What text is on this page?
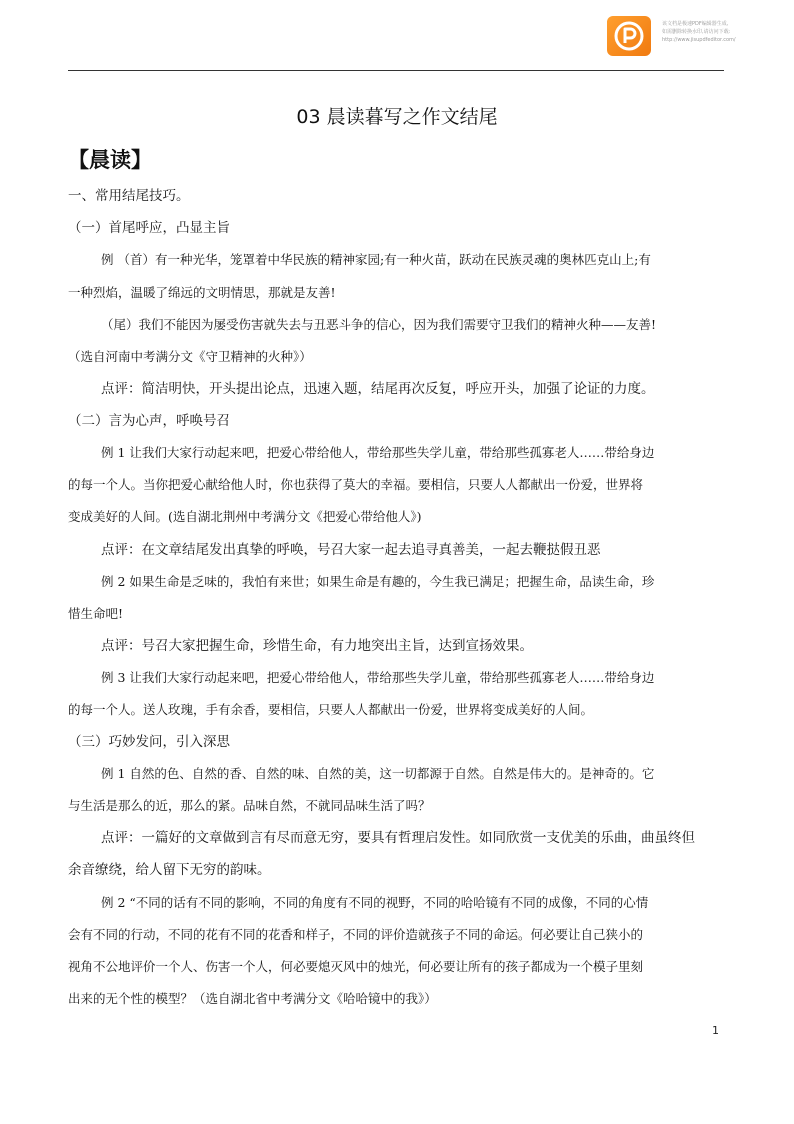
该文档是极速PDF编辑器生成,
如需删除转换水印,请访问下载:
http://www.jisupdfeditor.com/
03 晨读暮写之作文结尾
【晨读】
一、常用结尾技巧。
（一）首尾呼应，凸显主旨
例 （首）有一种光华，笼罩着中华民族的精神家园;有一种火苗，跃动在民族灵魂的奥林匹克山上;有
一种烈焰，温暖了绵远的文明情思，那就是友善!
（尾）我们不能因为屡受伤害就失去与丑恶斗争的信心，因为我们需要守卫我们的精神火种——友善!
（选自河南中考满分文《守卫精神的火种》）
点评：简洁明快，开头提出论点，迅速入题，结尾再次反复，呼应开头，加强了论证的力度。
（二）言为心声，呼唤号召
例 1 让我们大家行动起来吧，把爱心带给他人，带给那些失学儿童，带给那些孤寡老人……带给身边
的每一个人。当你把爱心献给他人时，你也获得了莫大的幸福。要相信，只要人人都献出一份爱，世界将
变成美好的人间。(选自湖北荆州中考满分文《把爱心带给他人》)
点评：在文章结尾发出真挚的呼唤，号召大家一起去追寻真善美，一起去鞭挞假丑恶
例 2 如果生命是乏味的，我怕有来世；如果生命是有趣的，今生我已满足；把握生命，品读生命，珍
惜生命吧!
点评：号召大家把握生命，珍惜生命，有力地突出主旨，达到宣扬效果。
例 3 让我们大家行动起来吧，把爱心带给他人，带给那些失学儿童，带给那些孤寡老人……带给身边
的每一个人。送人玫瑰，手有余香，要相信，只要人人都献出一份爱，世界将变成美好的人间。
（三）巧妙发问，引入深思
例 1 自然的色、自然的香、自然的味、自然的美，这一切都源于自然。自然是伟大的。是神奇的。它
与生活是那么的近，那么的紧。品味自然，不就同品味生活了吗？
点评：一篇好的文章做到言有尽而意无穷，要具有哲理启发性。如同欣赏一支优美的乐曲，曲虽终但
余音缭绕，给人留下无穷的韵味。
例 2 “不同的话有不同的影响，不同的角度有不同的视野，不同的哈哈镜有不同的成像，不同的心情
会有不同的行动，不同的花有不同的花香和样子，不同的评价造就孩子不同的命运。何必要让自己狭小的
视角不公地评价一个人、伤害一个人，何必要熄灭风中的烛光，何必要让所有的孩子都成为一个模子里刻
出来的无个性的模型？（选自湖北省中考满分文《哈哈镜中的我》）
1
